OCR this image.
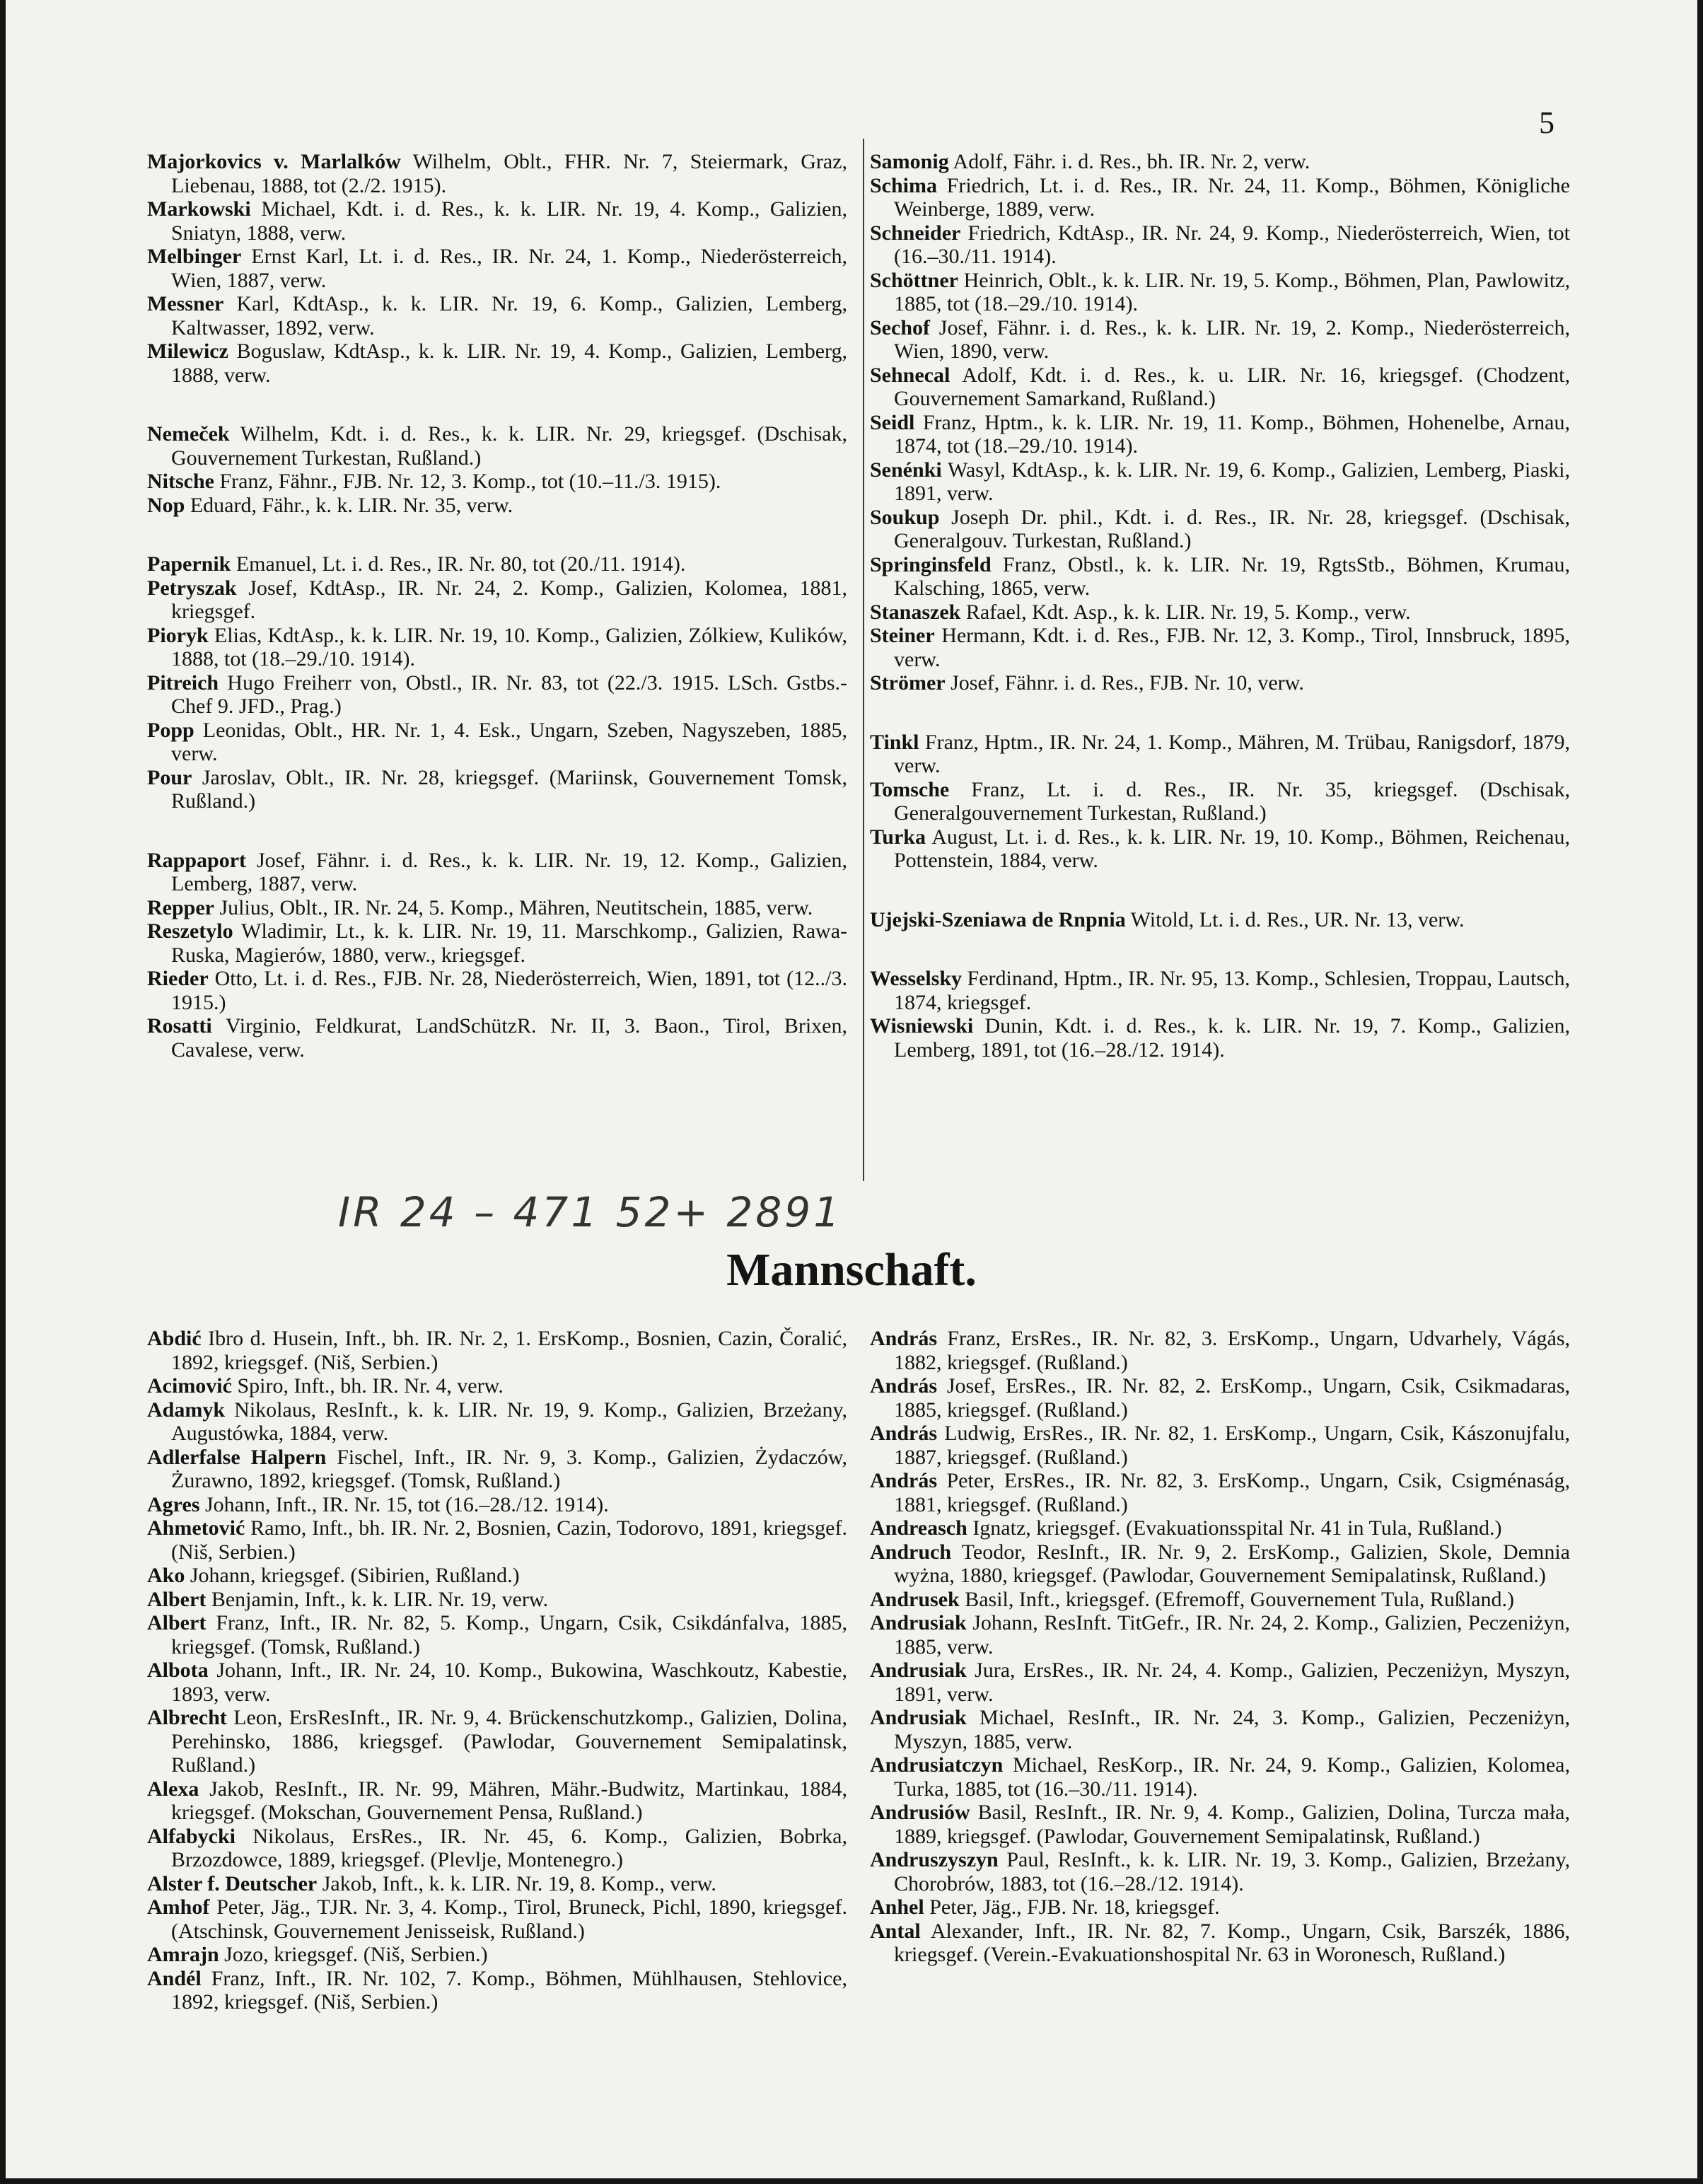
5
Majorkovics v. Marlalków Wilhelm, Oblt., FHR. Nr. 7, Steiermark, Graz, Liebenau, 1888, tot (2./2. 1915).
Markowski Michael, Kdt. i. d. Res., k. k. LIR. Nr. 19, 4. Komp., Galizien, Sniatyn, 1888, verw.
Melbinger Ernst Karl, Lt. i. d. Res., IR. Nr. 24, 1. Komp., Niederösterreich, Wien, 1887, verw.
Messner Karl, KdtAsp., k. k. LIR. Nr. 19, 6. Komp., Galizien, Lemberg, Kaltwasser, 1892, verw.
Milewicz Boguslaw, KdtAsp., k. k. LIR. Nr. 19, 4. Komp., Galizien, Lemberg, 1888, verw.
Nemeček Wilhelm, Kdt. i. d. Res., k. k. LIR. Nr. 29, kriegsgef. (Dschisak, Gouvernement Turkestan, Rußland.)
Nitsche Franz, Fähnr., FJB. Nr. 12, 3. Komp., tot (10.–11./3. 1915).
Nop Eduard, Fähr., k. k. LIR. Nr. 35, verw.
Papernik Emanuel, Lt. i. d. Res., IR. Nr. 80, tot (20./11. 1914).
Petryszak Josef, KdtAsp., IR. Nr. 24, 2. Komp., Galizien, Kolomea, 1881, kriegsgef.
Pioryk Elias, KdtAsp., k. k. LIR. Nr. 19, 10. Komp., Galizien, Zólkiew, Kulików, 1888, tot (18.–29./10. 1914).
Pitreich Hugo Freiherr von, Obstl., IR. Nr. 83, tot (22./3. 1915. LSch. Gstbs.-Chef 9. JFD., Prag.)
Popp Leonidas, Oblt., HR. Nr. 1, 4. Esk., Ungarn, Szeben, Nagyszeben, 1885, verw.
Pour Jaroslav, Oblt., IR. Nr. 28, kriegsgef. (Mariinsk, Gouvernement Tomsk, Rußland.)
Rappaport Josef, Fähnr. i. d. Res., k. k. LIR. Nr. 19, 12. Komp., Galizien, Lemberg, 1887, verw.
Repper Julius, Oblt., IR. Nr. 24, 5. Komp., Mähren, Neutitschein, 1885, verw.
Reszetylo Wladimir, Lt., k. k. LIR. Nr. 19, 11. Marschkomp., Galizien, Rawa-Ruska, Magierów, 1880, verw., kriegsgef.
Rieder Otto, Lt. i. d. Res., FJB. Nr. 28, Niederösterreich, Wien, 1891, tot (12../3. 1915.)
Rosatti Virginio, Feldkurat, LandSchützR. Nr. II, 3. Baon., Tirol, Brixen, Cavalese, verw.
Samonig Adolf, Fähr. i. d. Res., bh. IR. Nr. 2, verw.
Schima Friedrich, Lt. i. d. Res., IR. Nr. 24, 11. Komp., Böhmen, Königliche Weinberge, 1889, verw.
Schneider Friedrich, KdtAsp., IR. Nr. 24, 9. Komp., Niederösterreich, Wien, tot (16.–30./11. 1914).
Schöttner Heinrich, Oblt., k. k. LIR. Nr. 19, 5. Komp., Böhmen, Plan, Pawlowitz, 1885, tot (18.–29./10. 1914).
Sechof Josef, Fähnr. i. d. Res., k. k. LIR. Nr. 19, 2. Komp., Niederösterreich, Wien, 1890, verw.
Sehnecal Adolf, Kdt. i. d. Res., k. u. LIR. Nr. 16, kriegsgef. (Chodzent, Gouvernement Samarkand, Rußland.)
Seidl Franz, Hptm., k. k. LIR. Nr. 19, 11. Komp., Böhmen, Hohenelbe, Arnau, 1874, tot (18.–29./10. 1914).
Senénki Wasyl, KdtAsp., k. k. LIR. Nr. 19, 6. Komp., Galizien, Lemberg, Piaski, 1891, verw.
Soukup Joseph Dr. phil., Kdt. i. d. Res., IR. Nr. 28, kriegsgef. (Dschisak, Generalgouv. Turkestan, Rußland.)
Springinsfeld Franz, Obstl., k. k. LIR. Nr. 19, RgtsStb., Böhmen, Krumau, Kalsching, 1865, verw.
Stanaszek Rafael, Kdt. Asp., k. k. LIR. Nr. 19, 5. Komp., verw.
Steiner Hermann, Kdt. i. d. Res., FJB. Nr. 12, 3. Komp., Tirol, Innsbruck, 1895, verw.
Strömer Josef, Fähnr. i. d. Res., FJB. Nr. 10, verw.
Tinkl Franz, Hptm., IR. Nr. 24, 1. Komp., Mähren, M. Trübau, Ranigsdorf, 1879, verw.
Tomsche Franz, Lt. i. d. Res., IR. Nr. 35, kriegsgef. (Dschisak, Generalgouvernement Turkestan, Rußland.)
Turka August, Lt. i. d. Res., k. k. LIR. Nr. 19, 10. Komp., Böhmen, Reichenau, Pottenstein, 1884, verw.
Ujejski-Szeniawa de Rnpnia Witold, Lt. i. d. Res., UR. Nr. 13, verw.
Wesselsky Ferdinand, Hptm., IR. Nr. 95, 13. Komp., Schlesien, Troppau, Lautsch, 1874, kriegsgef.
Wisniewski Dunin, Kdt. i. d. Res., k. k. LIR. Nr. 19, 7. Komp., Galizien, Lemberg, 1891, tot (16.–28./12. 1914).
IR 24 – 471 52+ 2891
Mannschaft.
Abdić Ibro d. Husein, Inft., bh. IR. Nr. 2, 1. ErsKomp., Bosnien, Cazin, Čoralić, 1892, kriegsgef. (Niš, Serbien.)
Acimović Spiro, Inft., bh. IR. Nr. 4, verw.
Adamyk Nikolaus, ResInft., k. k. LIR. Nr. 19, 9. Komp., Galizien, Brzeżany, Augustówka, 1884, verw.
Adlerfalse Halpern Fischel, Inft., IR. Nr. 9, 3. Komp., Galizien, Żydaczów, Żurawno, 1892, kriegsgef. (Tomsk, Rußland.)
Agres Johann, Inft., IR. Nr. 15, tot (16.–28./12. 1914).
Ahmetović Ramo, Inft., bh. IR. Nr. 2, Bosnien, Cazin, Todorovo, 1891, kriegsgef. (Niš, Serbien.)
Ako Johann, kriegsgef. (Sibirien, Rußland.)
Albert Benjamin, Inft., k. k. LIR. Nr. 19, verw.
Albert Franz, Inft., IR. Nr. 82, 5. Komp., Ungarn, Csik, Csikdánfalva, 1885, kriegsgef. (Tomsk, Rußland.)
Albota Johann, Inft., IR. Nr. 24, 10. Komp., Bukowina, Waschkoutz, Kabestie, 1893, verw.
Albrecht Leon, ErsResInft., IR. Nr. 9, 4. Brückenschutzkomp., Galizien, Dolina, Perehinsko, 1886, kriegsgef. (Pawlodar, Gouvernement Semipalatinsk, Rußland.)
Alexa Jakob, ResInft., IR. Nr. 99, Mähren, Mähr.-Budwitz, Martinkau, 1884, kriegsgef. (Mokschan, Gouvernement Pensa, Rußland.)
Alfabycki Nikolaus, ErsRes., IR. Nr. 45, 6. Komp., Galizien, Bobrka, Brzozdowce, 1889, kriegsgef. (Plevlje, Montenegro.)
Alster f. Deutscher Jakob, Inft., k. k. LIR. Nr. 19, 8. Komp., verw.
Amhof Peter, Jäg., TJR. Nr. 3, 4. Komp., Tirol, Bruneck, Pichl, 1890, kriegsgef. (Atschinsk, Gouvernement Jenisseisk, Rußland.)
Amrajn Jozo, kriegsgef. (Niš, Serbien.)
Andél Franz, Inft., IR. Nr. 102, 7. Komp., Böhmen, Mühlhausen, Stehlovice, 1892, kriegsgef. (Niš, Serbien.)
András Franz, ErsRes., IR. Nr. 82, 3. ErsKomp., Ungarn, Udvarhely, Vágás, 1882, kriegsgef. (Rußland.)
András Josef, ErsRes., IR. Nr. 82, 2. ErsKomp., Ungarn, Csik, Csikmadaras, 1885, kriegsgef. (Rußland.)
András Ludwig, ErsRes., IR. Nr. 82, 1. ErsKomp., Ungarn, Csik, Kászonujfalu, 1887, kriegsgef. (Rußland.)
András Peter, ErsRes., IR. Nr. 82, 3. ErsKomp., Ungarn, Csik, Csigménaság, 1881, kriegsgef. (Rußland.)
Andreasch Ignatz, kriegsgef. (Evakuationsspital Nr. 41 in Tula, Rußland.)
Andruch Teodor, ResInft., IR. Nr. 9, 2. ErsKomp., Galizien, Skole, Demnia wyżna, 1880, kriegsgef. (Pawlodar, Gouvernement Semipalatinsk, Rußland.)
Andrusek Basil, Inft., kriegsgef. (Efremoff, Gouvernement Tula, Rußland.)
Andrusiak Johann, ResInft. TitGefr., IR. Nr. 24, 2. Komp., Galizien, Peczeniżyn, 1885, verw.
Andrusiak Jura, ErsRes., IR. Nr. 24, 4. Komp., Galizien, Peczeniżyn, Myszyn, 1891, verw.
Andrusiak Michael, ResInft., IR. Nr. 24, 3. Komp., Galizien, Peczeniżyn, Myszyn, 1885, verw.
Andrusiatczyn Michael, ResKorp., IR. Nr. 24, 9. Komp., Galizien, Kolomea, Turka, 1885, tot (16.–30./11. 1914).
Andrusiów Basil, ResInft., IR. Nr. 9, 4. Komp., Galizien, Dolina, Turcza mała, 1889, kriegsgef. (Pawlodar, Gouvernement Semipalatinsk, Rußland.)
Andruszyszyn Paul, ResInft., k. k. LIR. Nr. 19, 3. Komp., Galizien, Brzeżany, Chorobrów, 1883, tot (16.–28./12. 1914).
Anhel Peter, Jäg., FJB. Nr. 18, kriegsgef.
Antal Alexander, Inft., IR. Nr. 82, 7. Komp., Ungarn, Csik, Barszék, 1886, kriegsgef. (Verein.-Evakuationshospital Nr. 63 in Woronesch, Rußland.)
